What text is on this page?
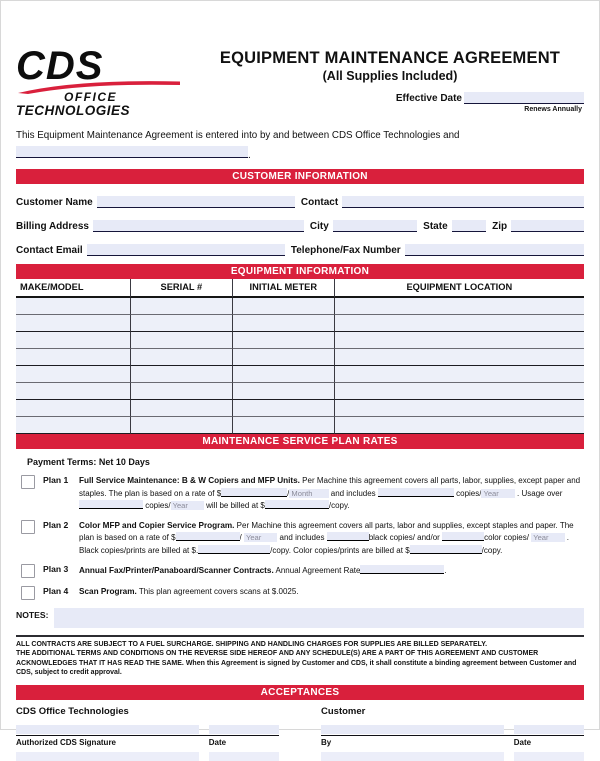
CDS
OFFICE
TECHNOLOGIES
EQUIPMENT MAINTENANCE AGREEMENT
(All Supplies Included)
Effective Date
Renews Annually

This Equipment Maintenance Agreement is entered into by and between CDS Office Technologies and

.
CUSTOMER INFORMATION
Customer Name	Contact
Billing Address	City	State	Zip
Contact Email	Telephone/Fax Number
EQUIPMENT INFORMATION
MAKE/MODEL	SERIAL #	INITIAL METER	EQUIPMENT LOCATION
MAINTENANCE SERVICE PLAN RATES
Payment Terms: Net 10 Days
Plan 1	Full Service Maintenance: B & W Copiers and MFP Units. Per Machine this agreement covers all parts, labor, supplies, except paper and staples. The plan is based on a rate of $	Month and includes	copies/ Year . Usage over  copies/ Year will be billed at $	/copy.

Plan 2	Color MFP and Copier Service Program. Per Machine this agreement covers all parts, labor and supplies, except staples and paper. The plan is based on a rate of $	/ Year and includes	black copies/ and/or	color copies/ Year . Black copies/prints are billed at $.	/copy. Color copies/prints are billed at $	/copy.

Plan 3	Annual Fax/Printer/Panaboard/Scanner Contracts. Annual Agreement Rate	.

Plan 4	Scan Program. This plan agreement covers scans at $.0025.

NOTES:

ALL CONTRACTS ARE SUBJECT TO A FUEL SURCHARGE. SHIPPING AND HANDLING CHARGES FOR SUPPLIES ARE BILLED SEPARATELY.
THE ADDITIONAL TERMS AND CONDITIONS ON THE REVERSE SIDE HEREOF AND ANY SCHEDULE(S) ARE A PART OF THIS AGREEMENT AND CUSTOMER ACKNOWLEDGES THAT IT HAS READ THE SAME. When this Agreement is signed by Customer and CDS, it shall constitute a binding agreement between Customer and CDS, subject to credit approval.

ACCEPTANCES
CDS Office Technologies
Authorized CDS Signature	Date
Customer
By	Date
